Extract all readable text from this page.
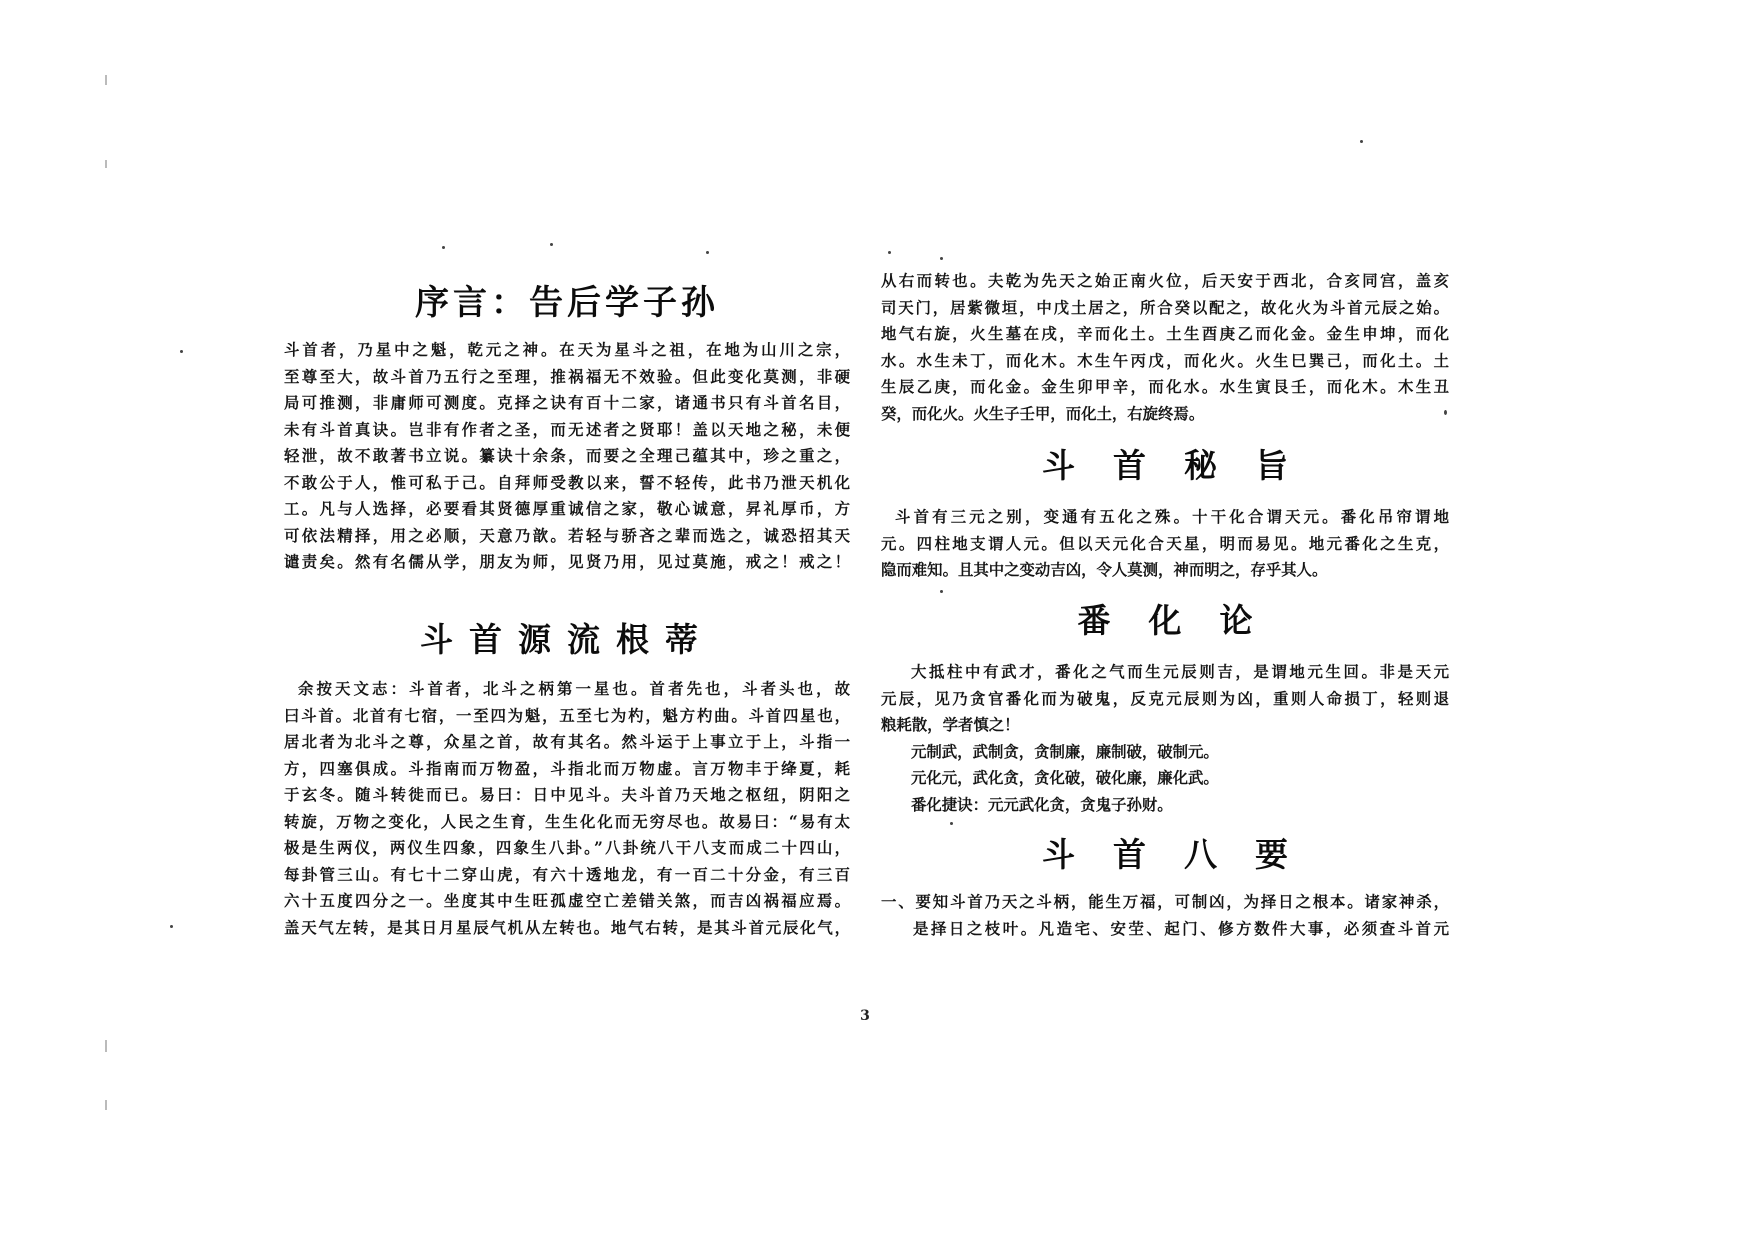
序言：告后学子孙
斗首者，乃星中之魁，乾元之神。在天为星斗之祖，在地为山川之宗，
至尊至大，故斗首乃五行之至理，推祸福无不效验。但此变化莫测，非硬
局可推测，非庸师可测度。克择之诀有百十二家，诸通书只有斗首名目，
未有斗首真诀。岂非有作者之圣，而无述者之贤耶！盖以天地之秘，未便
轻泄，故不敢著书立说。纂诀十余条，而要之全理己蕴其中，珍之重之，
不敢公于人，惟可私于己。自拜师受教以来，誓不轻传，此书乃泄天机化
工。凡与人选择，必要看其贤德厚重诚信之家，敬心诚意，昇礼厚币，方
可依法精择，用之必顺，天意乃歆。若轻与骄吝之辈而选之，诚恐招其天
谴责矣。然有名儒从学，朋友为师，见贤乃用，见过莫施，戒之！戒之！
斗首源流根蒂
余按天文志：斗首者，北斗之柄第一星也。首者先也，斗者头也，故
曰斗首。北首有七宿，一至四为魁，五至七为杓，魁方杓曲。斗首四星也，
居北者为北斗之尊，众星之首，故有其名。然斗运于上事立于上，斗指一
方，四塞俱成。斗指南而万物盈，斗指北而万物虚。言万物丰于绛夏，耗
于玄冬。随斗转徙而已。易曰：日中见斗。夫斗首乃天地之枢纽，阴阳之
转旋，万物之变化，人民之生育，生生化化而无穷尽也。故易曰：“易有太
极是生两仪，两仪生四象，四象生八卦。”八卦统八干八支而成二十四山，
每卦管三山。有七十二穿山虎，有六十透地龙，有一百二十分金，有三百
六十五度四分之一。坐度其中生旺孤虚空亡差错关煞，而吉凶祸福应焉。
盖天气左转，是其日月星辰气机从左转也。地气右转，是其斗首元辰化气，
从右而转也。夫乾为先天之始正南火位，后天安于西北，合亥同宫，盖亥
司天门，居紫微垣，中戊土居之，所合癸以配之，故化火为斗首元辰之始。
地气右旋，火生墓在戌，辛而化土。土生酉庚乙而化金。金生申坤，而化
水。水生未丁，而化木。木生午丙戊，而化火。火生巳巽己，而化土。土
生辰乙庚，而化金。金生卯甲辛，而化水。水生寅艮壬，而化木。木生丑
癸，而化火。火生子壬甲，而化土，右旋终焉。
斗首秘旨
斗首有三元之别，变通有五化之殊。十干化合谓天元。番化吊帘谓地
元。四柱地支谓人元。但以天元化合天星，明而易见。地元番化之生克，
隐而难知。且其中之变动吉凶，令人莫测，神而明之，存乎其人。
番化论
大抵柱中有武才，番化之气而生元辰则吉，是谓地元生回。非是天元
元辰，见乃贪官番化而为破鬼，反克元辰则为凶，重则人命损丁，轻则退
粮耗散，学者慎之！
元制武，武制贪，贪制廉，廉制破，破制元。
元化元，武化贪，贪化破，破化廉，廉化武。
番化捷诀：元元武化贪，贪鬼子孙财。
斗首八要
一、要知斗首乃天之斗柄，能生万福，可制凶，为择日之根本。诸家神杀，
是择日之枝叶。凡造宅、安茔、起门、修方数件大事，必须查斗首元
3
